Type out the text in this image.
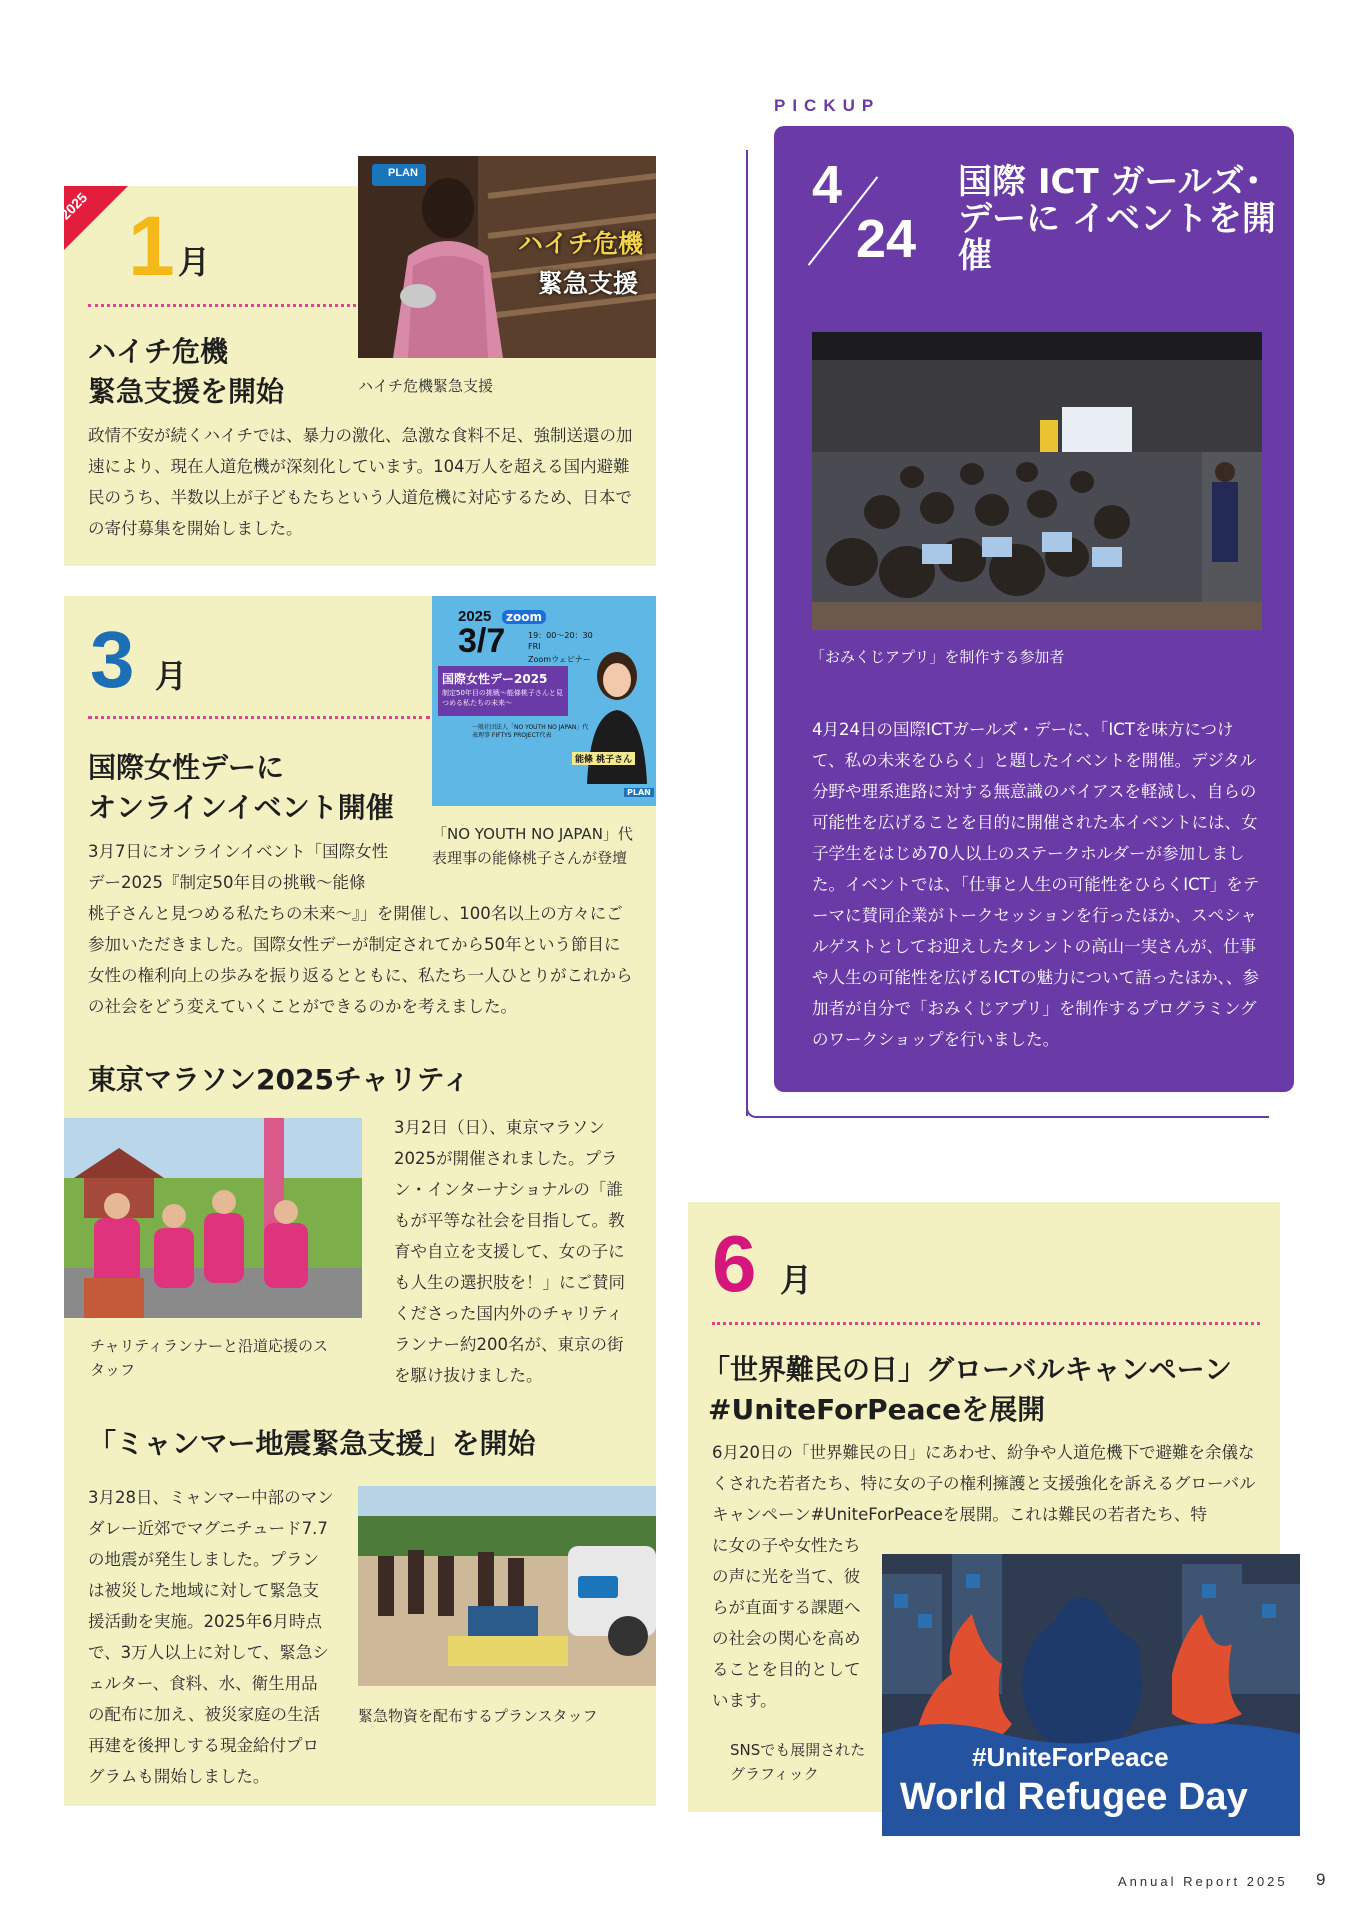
PICKUP
4
24
国際 ICT ガールズ･デーに イベントを開催
「おみくじアプリ」を制作する参加者
4月24日の国際ICTガールズ・デーに、「ICTを味方につけて、私の未来をひらく」と題したイベントを開催。デジタル分野や理系進路に対する無意識のバイアスを軽減し、自らの可能性を広げることを目的に開催された本イベントには、女子学生をはじめ70人以上のステークホルダーが参加しました。イベントでは、「仕事と人生の可能性をひらくICT」をテーマに賛同企業がトークセッションを行ったほか、スペシャルゲストとしてお迎えしたタレントの高山一実さんが、仕事や人生の可能性を広げるICTの魅力について語ったほか、、参加者が自分で「おみくじアプリ」を制作するプログラミングのワークショップを行いました。
2025 1 月
PLAN
ハイチ危機
緊急支援
ハイチ危機緊急支援
ハイチ危機
緊急支援を開始
政情不安が続くハイチでは、暴力の激化、急激な食料不足、強制送還の加速により、現在人道危機が深刻化しています。104万人を超える国内避難民のうち、半数以上が子どもたちという人道危機に対応するため、日本での寄付募集を開始しました。
3 月
2025	zoom
3/7	19：00〜20：30
FRI
Zoomウェビナー
国際女性デー2025
制定50年目の挑戦〜能條桃子さんと見つめる私たちの未来〜
一般社団法人「NO YOUTH NO JAPAN」代表理事 FIFTYS PROJECT代表
能條 桃子さん
PLAN
「NO YOUTH NO JAPAN」代
表理事の能條桃子さんが登壇
国際女性デーに
オンラインイベント開催
3月7日にオンラインイベント「国際女性
デー2025『制定50年目の挑戦～能條
桃子さんと見つめる私たちの未来～』」を開催し、100名以上の方々にご参加いただきました。国際女性デーが制定されてから50年という節目に女性の権利向上の歩みを振り返るとともに、私たち一人ひとりがこれからの社会をどう変えていくことができるのかを考えました。
東京マラソン2025チャリティ
チャリティランナーと沿道応援のスタッフ
3月2日（日）、東京マラソン2025が開催されました。プラン・インターナショナルの「誰もが平等な社会を目指して。教育や自立を支援して、女の子にも人生の選択肢を！」にご賛同くださった国内外のチャリティランナー約200名が、東京の街を駆け抜けました。
「ミャンマー地震緊急支援」を開始
3月28日、ミャンマー中部のマンダレー近郊でマグニチュード7.7の地震が発生しました。プランは被災した地域に対して緊急支援活動を実施。2025年6月時点で、3万人以上に対して、緊急シェルター、食料、水、衛生用品の配布に加え、被災家庭の生活再建を後押しする現金給付プログラムも開始しました。
緊急物資を配布するプランスタッフ
6 月
「世界難民の日」グローバルキャンペーン
#UniteForPeaceを展開
6月20日の「世界難民の日」にあわせ、紛争や人道危機下で避難を余儀なくされた若者たち、特に女の子の権利擁護と支援強化を訴えるグローバルキャンペーン#UniteForPeaceを展開。これは難民の若者たち、特
に女の子や女性たちの声に光を当て、彼らが直面する課題への社会の関心を高めることを目的としています。
SNSでも展開されたグラフィック
#UniteForPeace
World Refugee Day
Annual Report 2025 9
